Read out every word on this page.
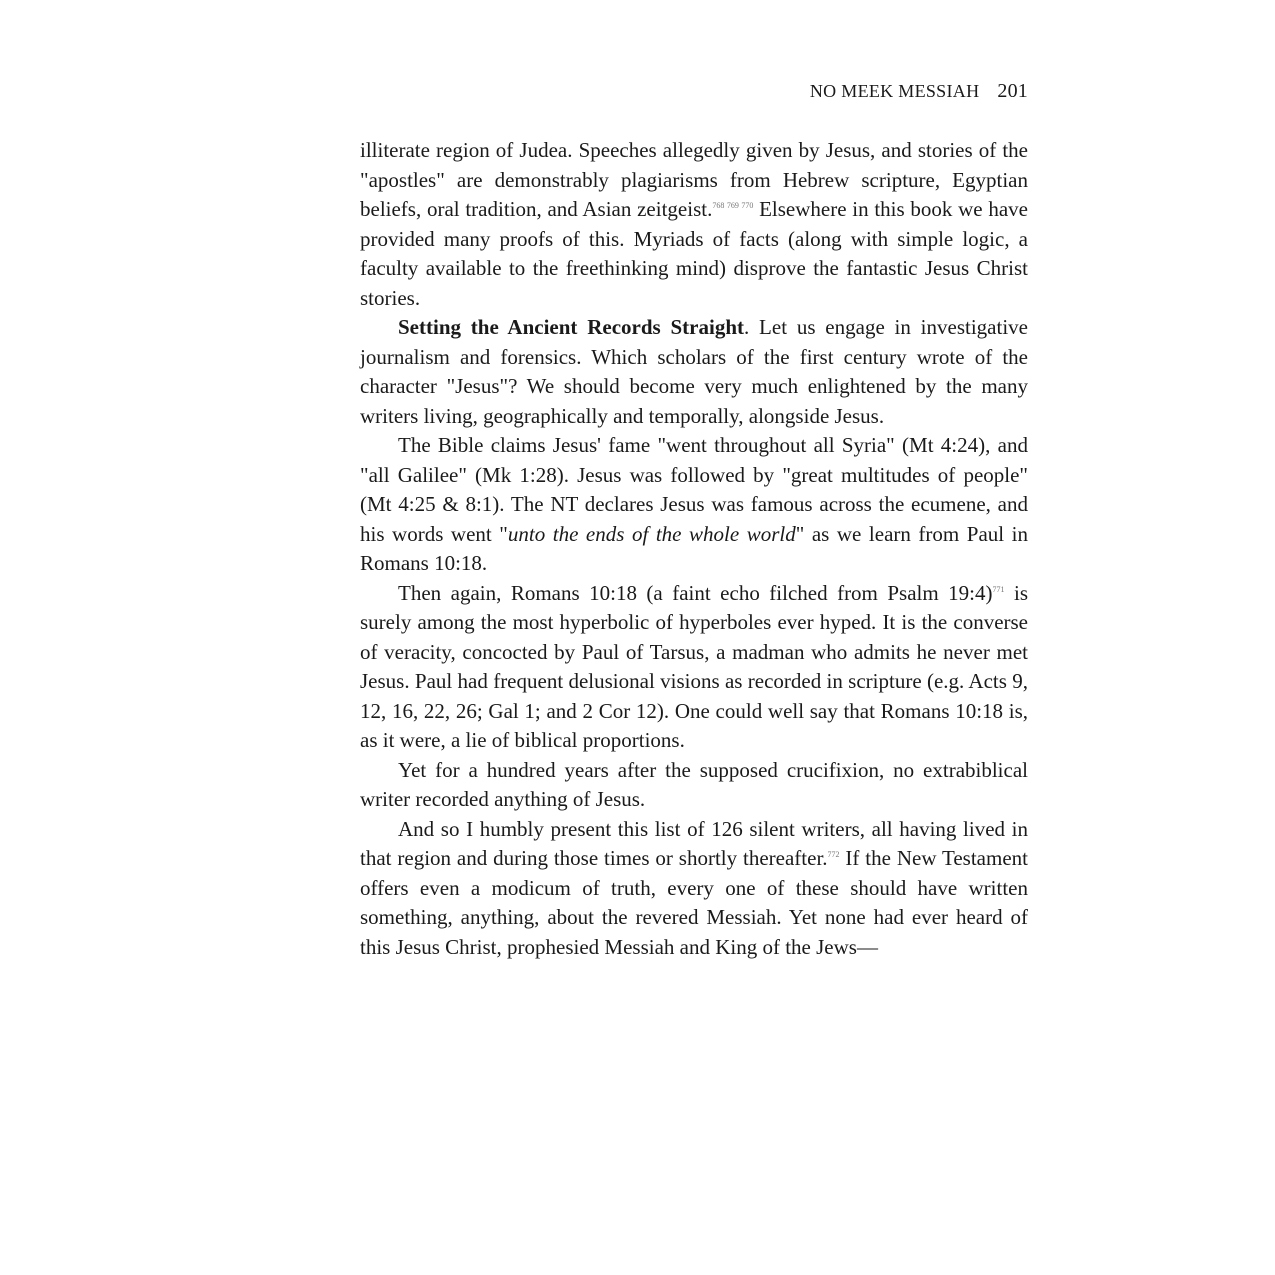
NO MEEK MESSIAH 201

illiterate region of Judea. Speeches allegedly given by Jesus, and stories of the "apostles" are demonstrably plagiarisms from Hebrew scripture, Egyptian beliefs, oral tradition, and Asian zeitgeist.$^{768 769 770}$ Elsewhere in this book we have provided many proofs of this. Myriads of facts (along with simple logic, a faculty available to the freethinking mind) disprove the fantastic Jesus Christ stories.

Setting the Ancient Records Straight. Let us engage in investigative journalism and forensics. Which scholars of the first century wrote of the character "Jesus"? We should become very much enlightened by the many writers living, geographically and temporally, alongside Jesus.

The Bible claims Jesus' fame "went throughout all Syria" (Mt 4:24), and "all Galilee" (Mk 1:28). Jesus was followed by "great multitudes of people" (Mt 4:25 & 8:1). The NT declares Jesus was famous across the ecumene, and his words went "unto the ends of the whole world" as we learn from Paul in Romans 10:18.

Then again, Romans 10:18 (a faint echo filched from Psalm 19:4)$^{771}$ is surely among the most hyperbolic of hyperboles ever hyped. It is the converse of veracity, concocted by Paul of Tarsus, a madman who admits he never met Jesus. Paul had frequent delusional visions as recorded in scripture (e.g. Acts 9, 12, 16, 22, 26; Gal 1; and 2 Cor 12). One could well say that Romans 10:18 is, as it were, a lie of biblical proportions.

Yet for a hundred years after the supposed crucifixion, no extrabiblical writer recorded anything of Jesus.

And so I humbly present this list of 126 silent writers, all having lived in that region and during those times or shortly thereafter.$^{772}$ If the New Testament offers even a modicum of truth, every one of these should have written something, anything, about the revered Messiah. Yet none had ever heard of this Jesus Christ, prophesied Messiah and King of the Jews—
